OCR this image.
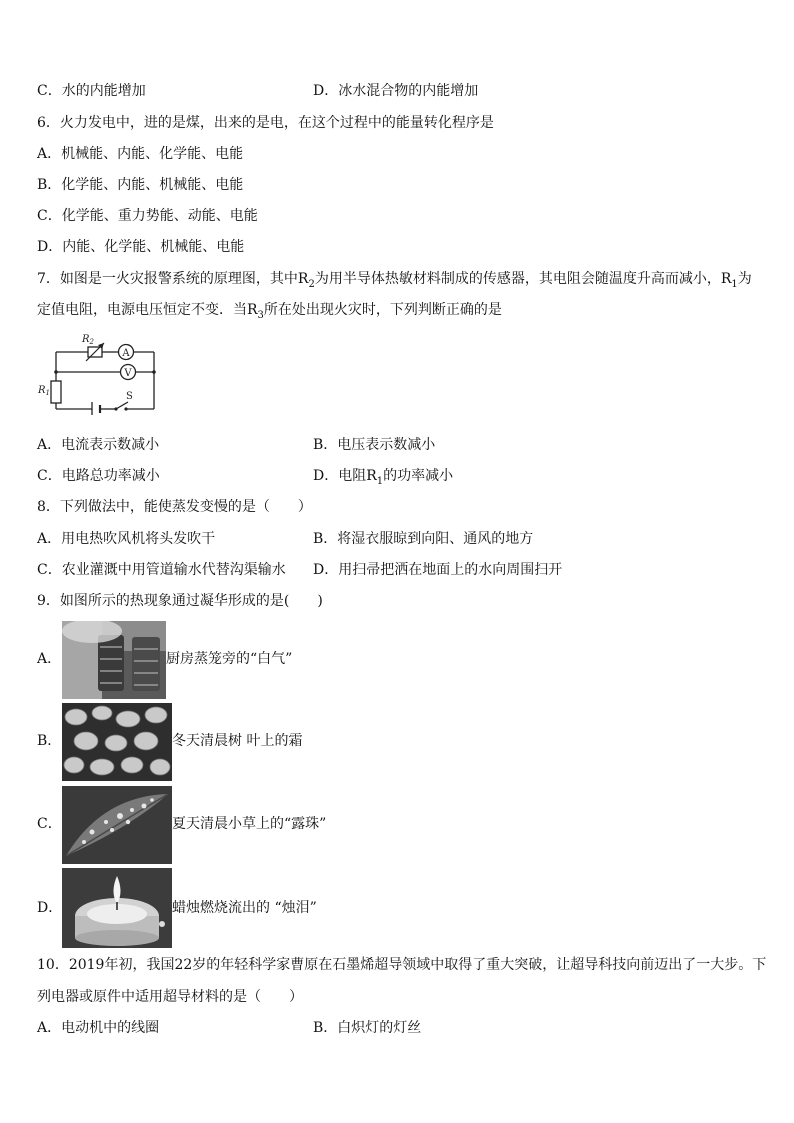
C．水的内能增加	D．冰水混合物的内能增加
6．火力发电中，进的是煤，出来的是电，在这个过程中的能量转化程序是
A．机械能、内能、化学能、电能
B．化学能、内能、机械能、电能
C．化学能、重力势能、动能、电能
D．内能、化学能、机械能、电能
7．如图是一火灾报警系统的原理图，其中$R_2$为用半导体热敏材料制成的传感器，其电阻会随温度升高而减小，$R_1$为
定值电阻，电源电压恒定不变．当$R_3$所在处出现火灾时，下列判断正确的是
$R_2$
A
V
$R_1$	S
A．电流表示数减小	B．电压表示数减小
C．电路总功率减小	D．电阻$R_1$的功率减小
8．下列做法中，能使蒸发变慢的是（　　）
A．用电热吹风机将头发吹干	B．将湿衣服晾到向阳、通风的地方
C．农业灌溉中用管道输水代替沟渠输水 D．用扫帚把洒在地面上的水向周围扫开
9．如图所示的热现象通过凝华形成的是(　　)
A．	厨房蒸笼旁的“白气”
B．	冬天清晨树 叶上的霜
C．	夏天清晨小草上的“露珠”
D．	蜡烛燃烧流出的 “烛泪”
10．2019年初，我国22岁的年轻科学家曹原在石墨烯超导领域中取得了重大突破，让超导科技向前迈出了一大步。下
列电器或原件中适用超导材料的是（　　）
A．电动机中的线圈	B．白炽灯的灯丝
